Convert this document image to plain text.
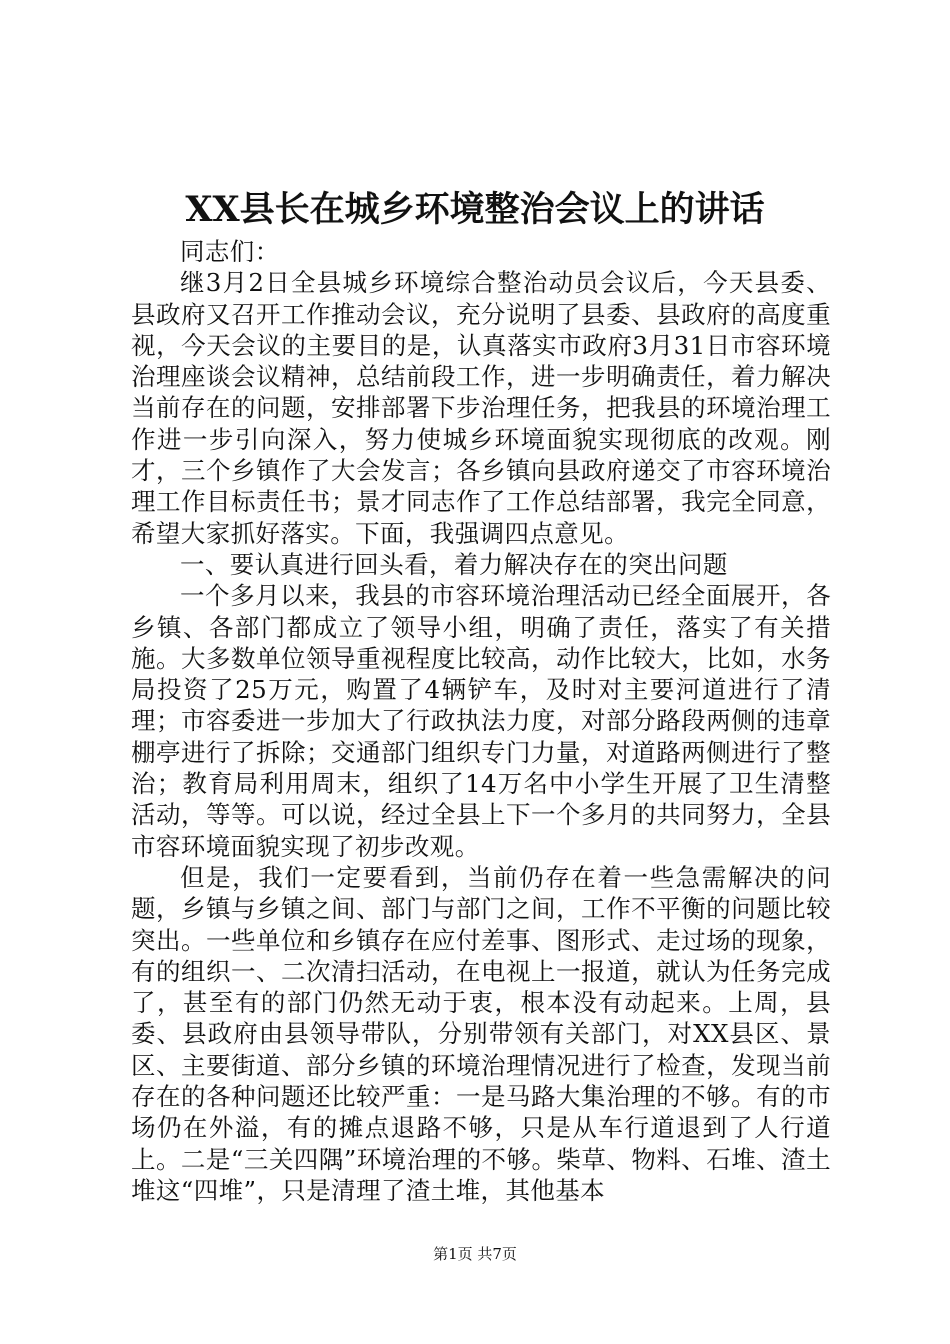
XX县长在城乡环境整治会议上的讲话

同志们：

继3月2日全县城乡环境综合整治动员会议后，今天县委、县政府又召开工作推动会议，充分说明了县委、县政府的高度重视，今天会议的主要目的是，认真落实市政府3月31日市容环境治理座谈会议精神，总结前段工作，进一步明确责任，着力解决当前存在的问题，安排部署下步治理任务，把我县的环境治理工作进一步引向深入，努力使城乡环境面貌实现彻底的改观。刚才，三个乡镇作了大会发言；各乡镇向县政府递交了市容环境治理工作目标责任书；景才同志作了工作总结部署，我完全同意，希望大家抓好落实。下面，我强调四点意见。

一、要认真进行回头看，着力解决存在的突出问题

一个多月以来，我县的市容环境治理活动已经全面展开，各乡镇、各部门都成立了领导小组，明确了责任，落实了有关措施。大多数单位领导重视程度比较高，动作比较大，比如，水务局投资了25万元，购置了4辆铲车，及时对主要河道进行了清理；市容委进一步加大了行政执法力度，对部分路段两侧的违章棚亭进行了拆除；交通部门组织专门力量，对道路两侧进行了整治；教育局利用周末，组织了14万名中小学生开展了卫生清整活动，等等。可以说，经过全县上下一个多月的共同努力，全县市容环境面貌实现了初步改观。

但是，我们一定要看到，当前仍存在着一些急需解决的问题，乡镇与乡镇之间、部门与部门之间，工作不平衡的问题比较突出。一些单位和乡镇存在应付差事、图形式、走过场的现象，有的组织一、二次清扫活动，在电视上一报道，就认为任务完成了，甚至有的部门仍然无动于衷，根本没有动起来。上周，县委、县政府由县领导带队，分别带领有关部门，对XX县区、景区、主要街道、部分乡镇的环境治理情况进行了检查，发现当前存在的各种问题还比较严重：一是马路大集治理的不够。有的市场仍在外溢，有的摊点退路不够，只是从车行道退到了人行道上。二是“三关四隅”环境治理的不够。柴草、物料、石堆、渣土堆这“四堆”，只是清理了渣土堆，其他基本

第1页 共7页
